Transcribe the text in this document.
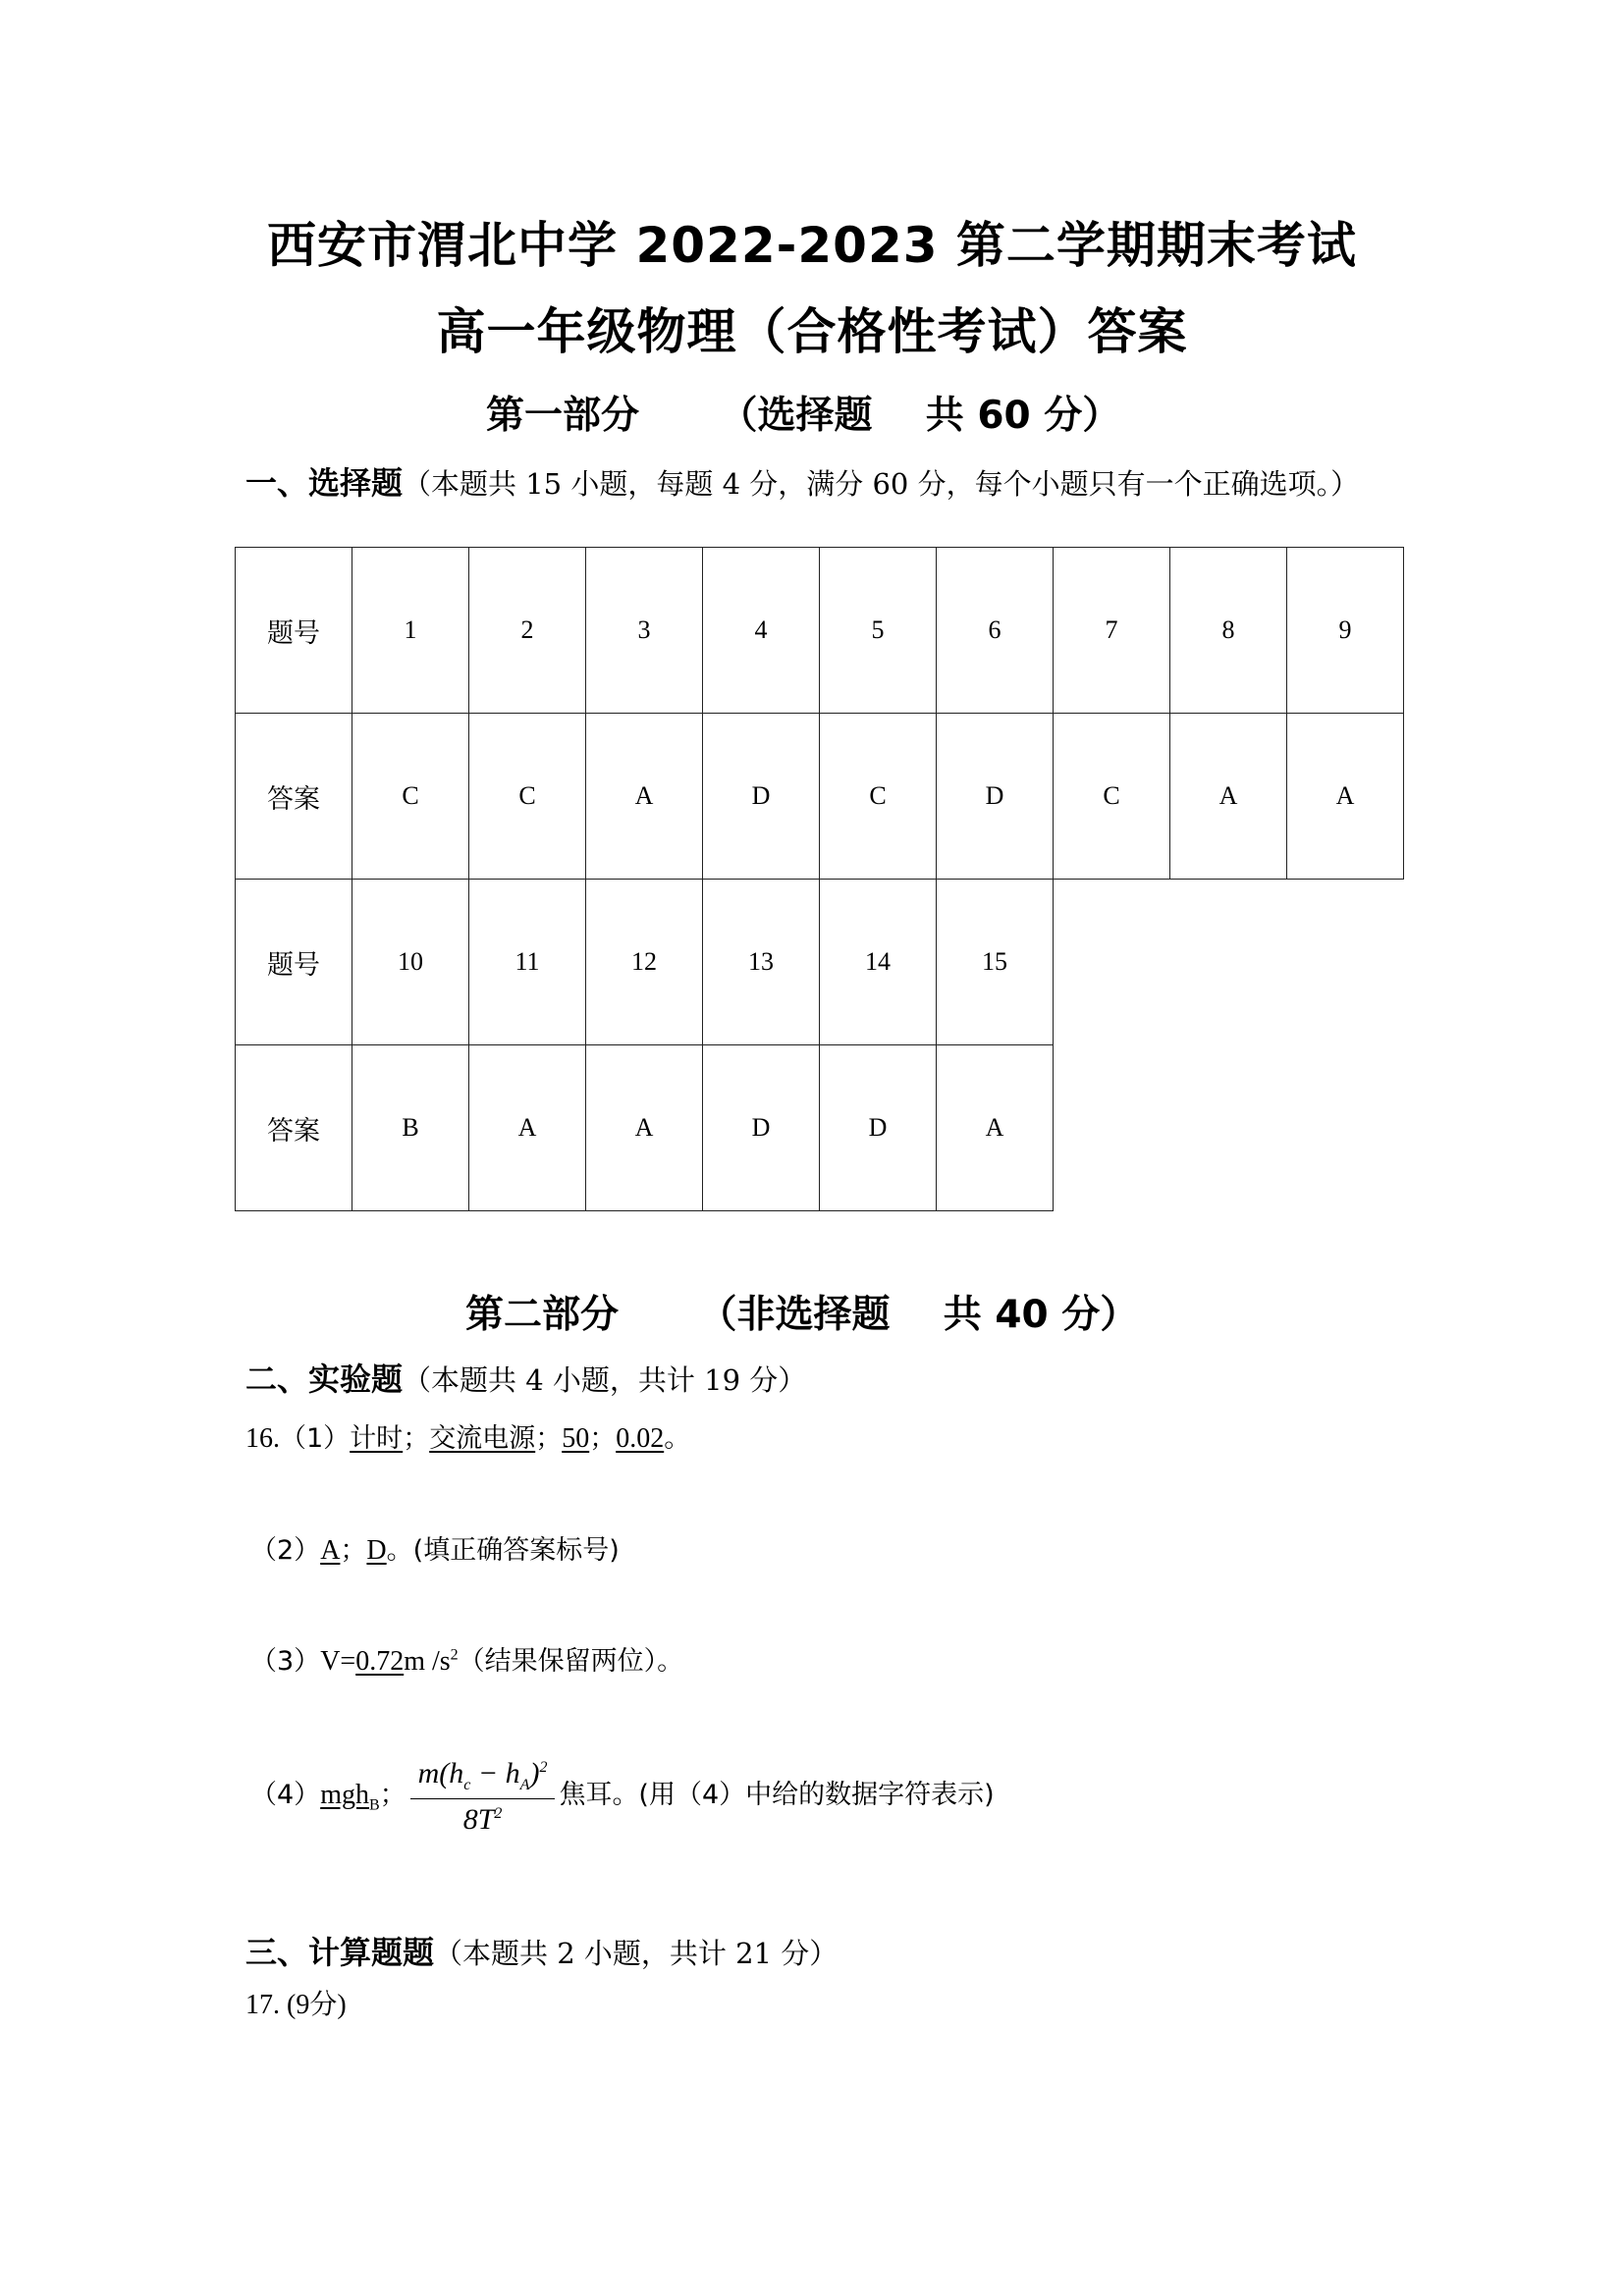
西安市渭北中学 2022-2023 第二学期期末考试
高一年级物理（合格性考试）答案
第一部分      （选择题    共 60 分）
一、选择题（本题共 15 小题，每题 4 分，满分 60 分，每个小题只有一个正确选项。）
题号	1	2	3	4	5	6	7	8	9
答案	C	C	A	D	C	D	C	A	A
题号	10	11	12	13	14	15			
答案	B	A	A	D	D	A			
第二部分      （非选择题    共 40 分）
二、实验题（本题共 4 小题，共计 19 分）
16.（1）计时；交流电源；50；0.02。
（2）A；D。(填正确答案标号)
（3）V=0.72m $/s^2$（结果保留两位）。
（4）mgh$_B$； $\frac{m(h_c - h_A)^2}{8T^2}$ 焦耳。(用（4）中给的数据字符表示)
三、计算题题（本题共 2 小题，共计 21 分）
17. (9分)
